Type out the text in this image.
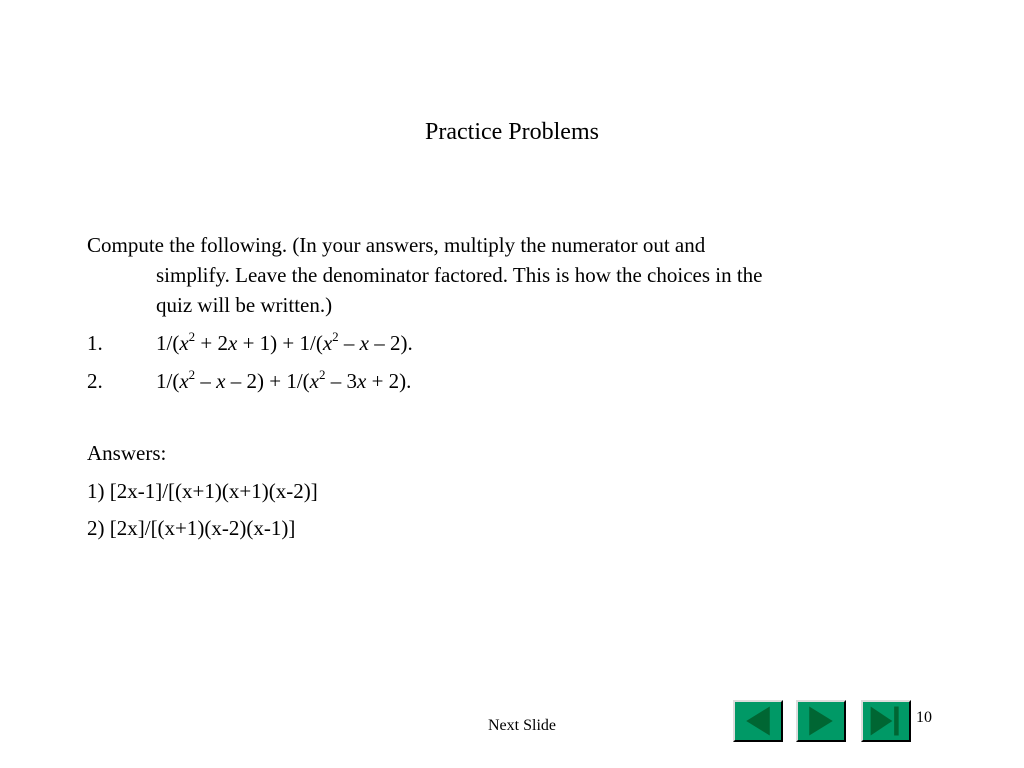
Practice Problems
Compute the following. (In your answers, multiply the numerator out and
simplify. Leave the denominator factored. This is how the choices in the
quiz will be written.)
1.	$1/(x^2 + 2x + 1) + 1/(x^2 - x - 2)$.
2.	$1/(x^2 - x - 2) + 1/(x^2 - 3x + 2)$.
Answers:
1) [2x-1]/[(x+1)(x+1)(x-2)]
2) [2x]/[(x+1)(x-2)(x-1)]
Next Slide	10
